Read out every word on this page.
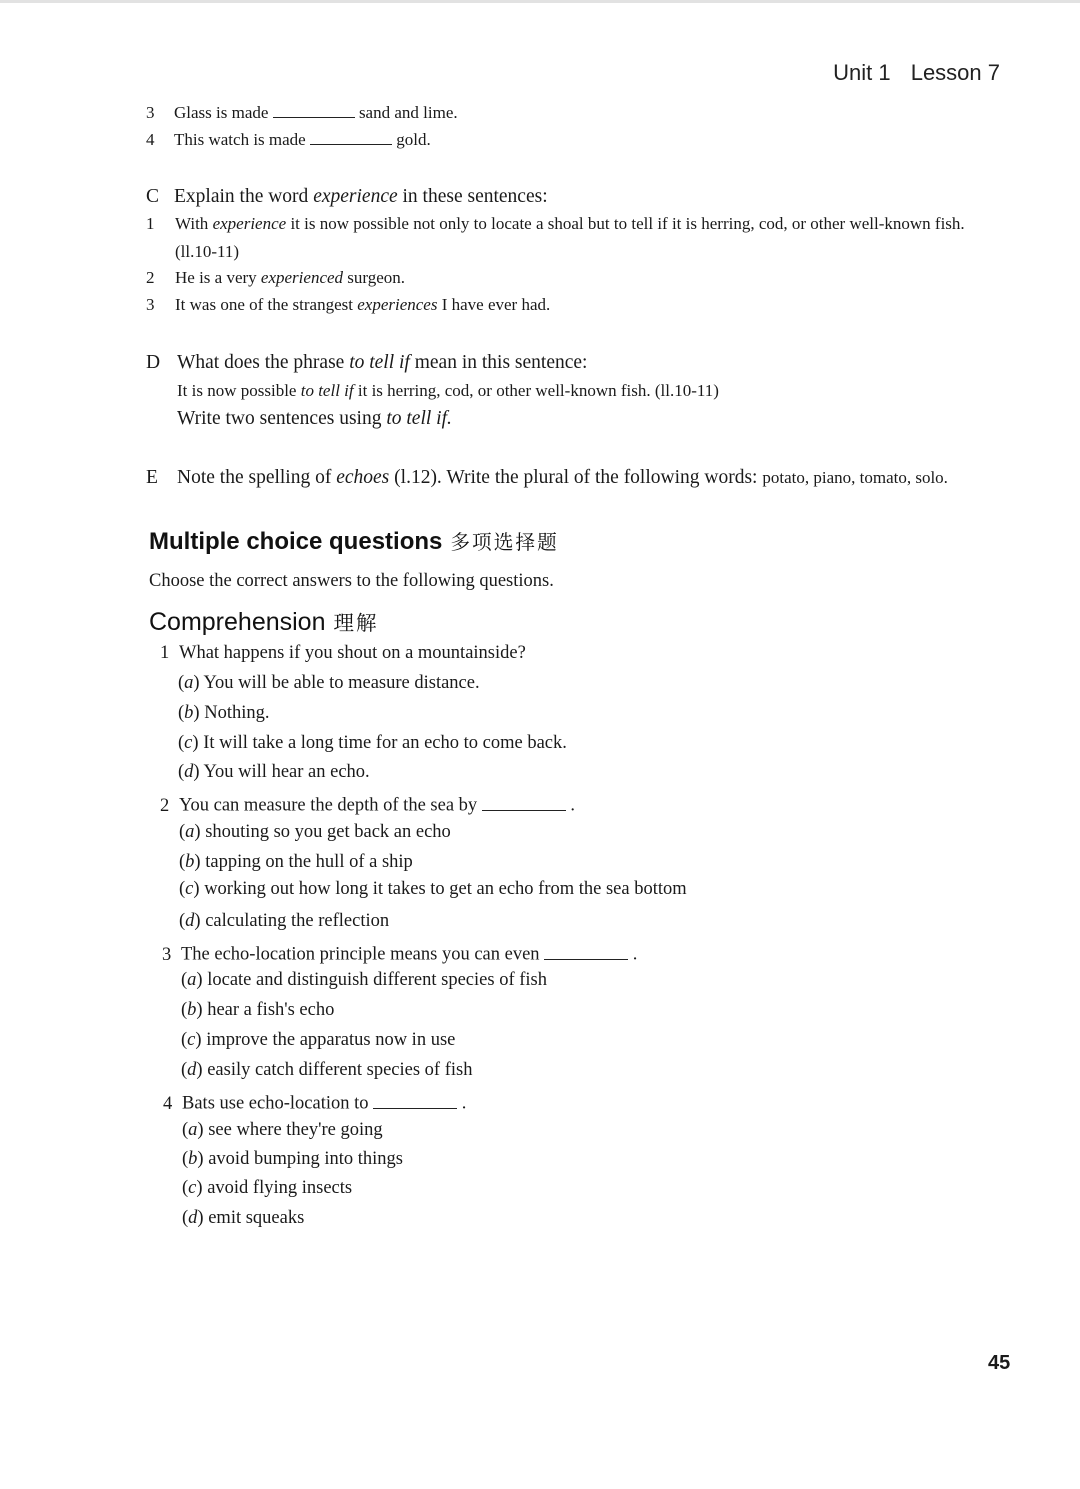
Unit 1 Lesson 7
3 Glass is made	sand and lime.
4 This watch is made	gold.
C Explain the word experience in these sentences:
1 With experience it is now possible not only to locate a shoal but to tell if it is herring, cod, or other well-known fish.
(ll.10-11)
2 He is a very experienced surgeon.
3 It was one of the strangest experiences I have ever had.
D What does the phrase to tell if mean in this sentence:
It is now possible to tell if it is herring, cod, or other well-known fish. (ll.10-11)
Write two sentences using to tell if.
E Note the spelling of echoes (l.12). Write the plural of the following words: potato, piano, tomato, solo.
Multiple choice questions 多项选择题
Choose the correct answers to the following questions.
Comprehension 理解
1 What happens if you shout on a mountainside?
(a) You will be able to measure distance.
(b) Nothing.
(c) It will take a long time for an echo to come back.
(d) You will hear an echo.
2 You can measure the depth of the sea by	.
(a) shouting so you get back an echo
(b) tapping on the hull of a ship
(c) working out how long it takes to get an echo from the sea bottom
(d) calculating the reflection
3 The echo-location principle means you can even	.
(a) locate and distinguish different species of fish
(b) hear a fish's echo
(c) improve the apparatus now in use
(d) easily catch different species of fish
4 Bats use echo-location to	.
(a) see where they're going
(b) avoid bumping into things
(c) avoid flying insects
(d) emit squeaks
45
